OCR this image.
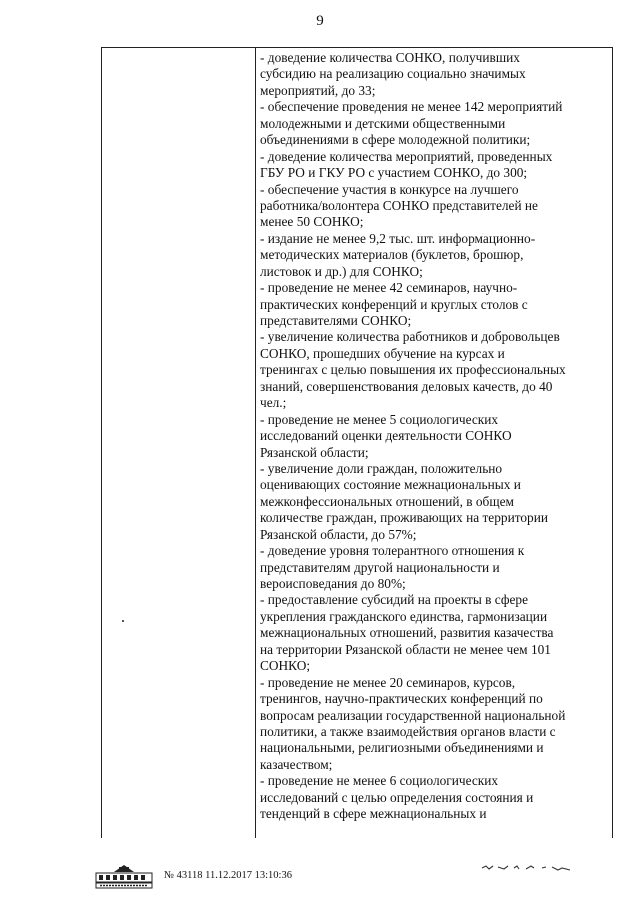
9
- доведение количества СОНКО, получивших
субсидию на реализацию социально значимых
мероприятий, до 33;
- обеспечение проведения не менее 142 мероприятий
молодежными и детскими общественными
объединениями в сфере молодежной политики;
- доведение количества мероприятий, проведенных
ГБУ РО и ГКУ РО с участием СОНКО, до 300;
- обеспечение участия в конкурсе на лучшего
работника/волонтера СОНКО представителей не
менее 50 СОНКО;
- издание не менее 9,2 тыс. шт. информационно-
методических материалов (буклетов, брошюр,
листовок и др.) для СОНКО;
- проведение не менее 42 семинаров, научно-
практических конференций и круглых столов с
представителями СОНКО;
- увеличение количества работников и добровольцев
СОНКО, прошедших обучение на курсах и
тренингах с целью повышения их профессиональных
знаний, совершенствования деловых качеств, до 40
чел.;
- проведение не менее 5 социологических
исследований оценки деятельности СОНКО
Рязанской области;
- увеличение доли граждан, положительно
оценивающих состояние межнациональных и
межконфессиональных отношений, в общем
количестве граждан, проживающих на территории
Рязанской области, до 57%;
- доведение уровня толерантного отношения к
представителям другой национальности и
вероисповедания до 80%;
- предоставление субсидий на проекты в сфере
укрепления гражданского единства, гармонизации
межнациональных отношений, развития казачества
на территории Рязанской области не менее чем 101
СОНКО;
- проведение не менее 20 семинаров, курсов,
тренингов, научно-практических конференций по
вопросам реализации государственной национальной
политики, а также взаимодействия органов власти с
национальными, религиозными объединениями и
казачеством;
- проведение не менее 6 социологических
исследований с целью определения состояния и
тенденций в сфере межнациональных и
№ 43118 11.12.2017 13:10:36
